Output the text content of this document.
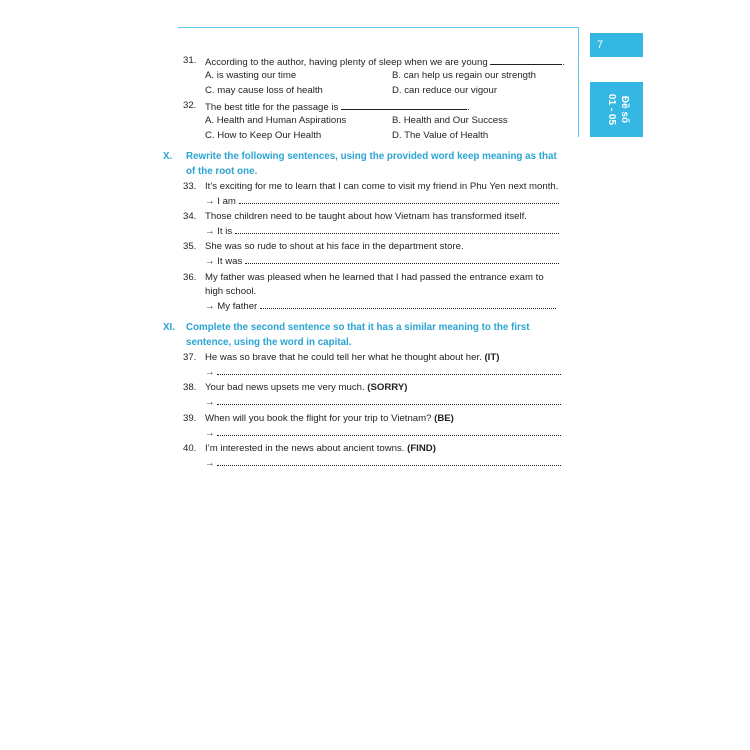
7
Đề số
01 - 05
31. According to the author, having plenty of sleep when we are young	.
A. is wasting our time	B. can help us regain our strength
C. may cause loss of health	D. can reduce our vigour
32. The best title for the passage is	.
A. Health and Human Aspirations	B. Health and Our Success
C. How to Keep Our Health	D. The Value of Health
X. Rewrite the following sentences, using the provided word keep meaning as that
of the root one.
33. It’s exciting for me to learn that I can come to visit my friend in Phu Yen next month.
→ I am
34. Those children need to be taught about how Vietnam has transformed itself.
→ It is
35. She was so rude to shout at his face in the department store.
→ It was
36. My father was pleased when he learned that I had passed the entrance exam to
high school.
→ My father
XI. Complete the second sentence so that it has a similar meaning to the first
sentence, using the word in capital.
37. He was so brave that he could tell her what he thought about her. (IT)
→
38. Your bad news upsets me very much. (SORRY)
→
39. When will you book the flight for your trip to Vietnam? (BE)
→
40. I’m interested in the news about ancient towns. (FIND)
→
